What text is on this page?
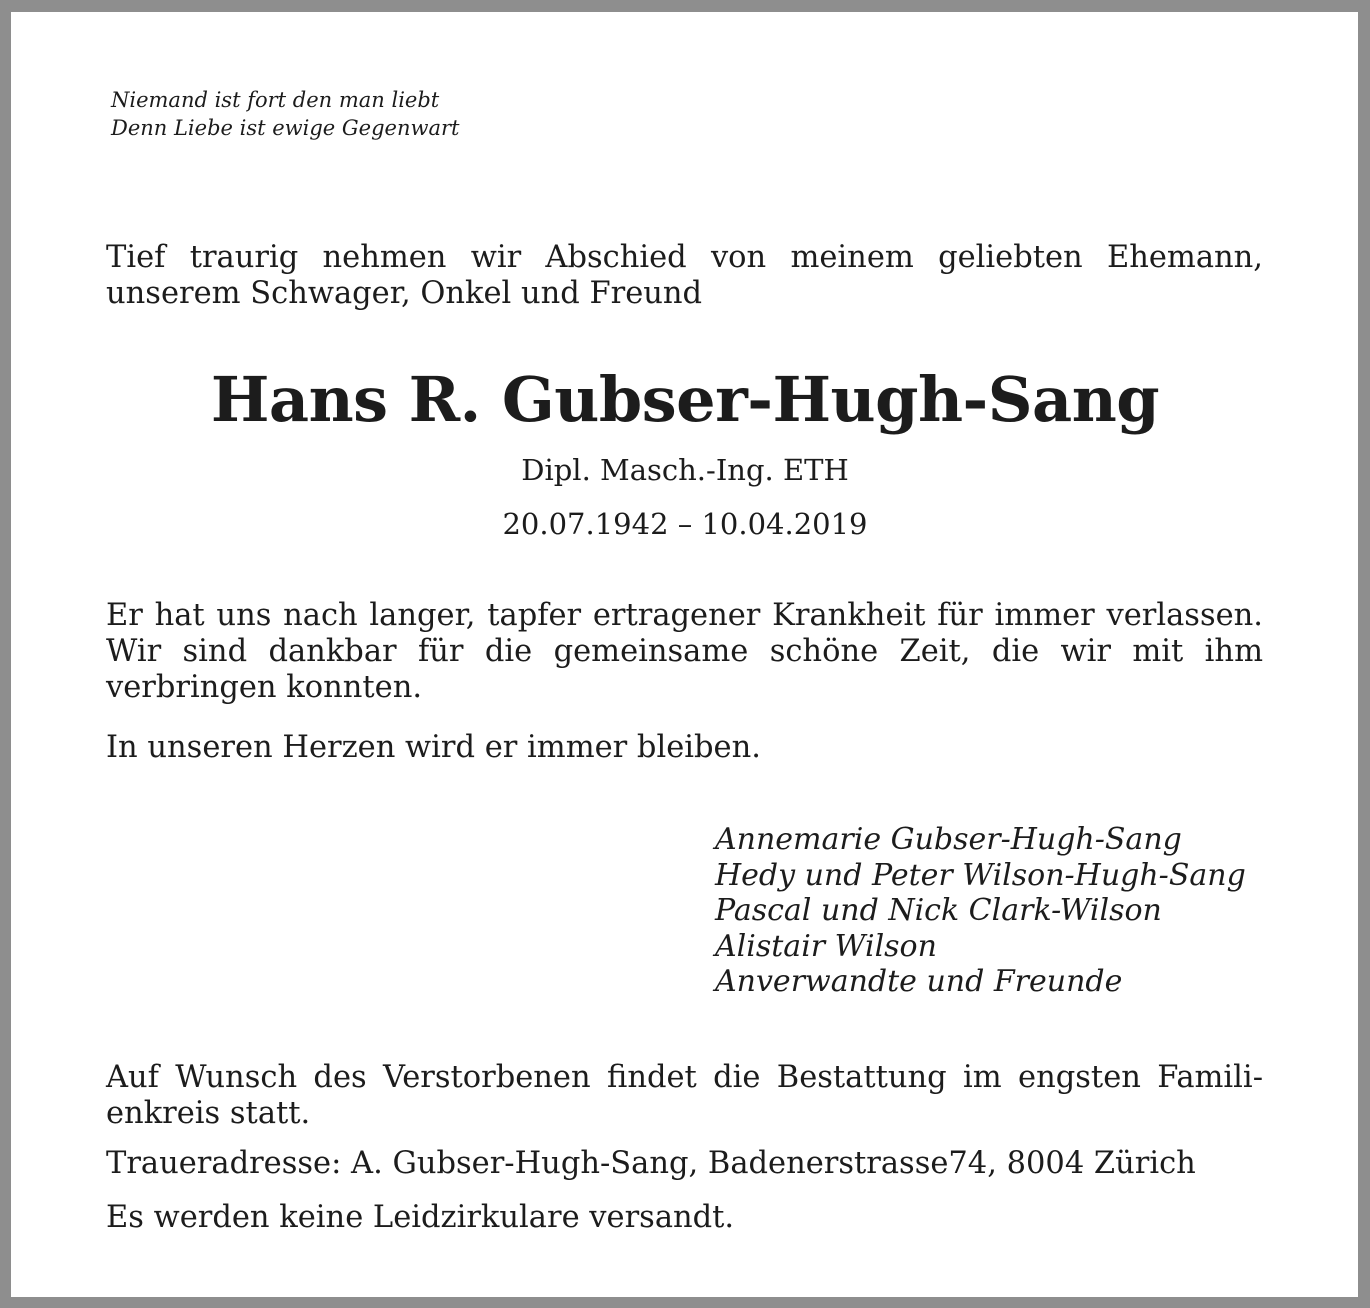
Niemand ist fort den man liebt
Denn Liebe ist ewige Gegenwart
Tief traurig nehmen wir Abschied von meinem geliebten Ehemann,
unserem Schwager, Onkel und Freund
Hans R. Gubser-Hugh-Sang
Dipl. Masch.-Ing. ETH
20.07.1942 – 10.04.2019
Er hat uns nach langer, tapfer ertragener Krankheit für immer verlassen.
Wir sind dankbar für die gemeinsame schöne Zeit, die wir mit ihm
verbringen konnten.
In unseren Herzen wird er immer bleiben.
Annemarie Gubser-Hugh-Sang
Hedy und Peter Wilson-Hugh-Sang
Pascal und Nick Clark-Wilson
Alistair Wilson
Anverwandte und Freunde
Auf Wunsch des Verstorbenen findet die Bestattung im engsten Famili-
enkreis statt.
Traueradresse: A. Gubser-Hugh-Sang, Badenerstrasse74, 8004 Zürich
Es werden keine Leidzirkulare versandt.
